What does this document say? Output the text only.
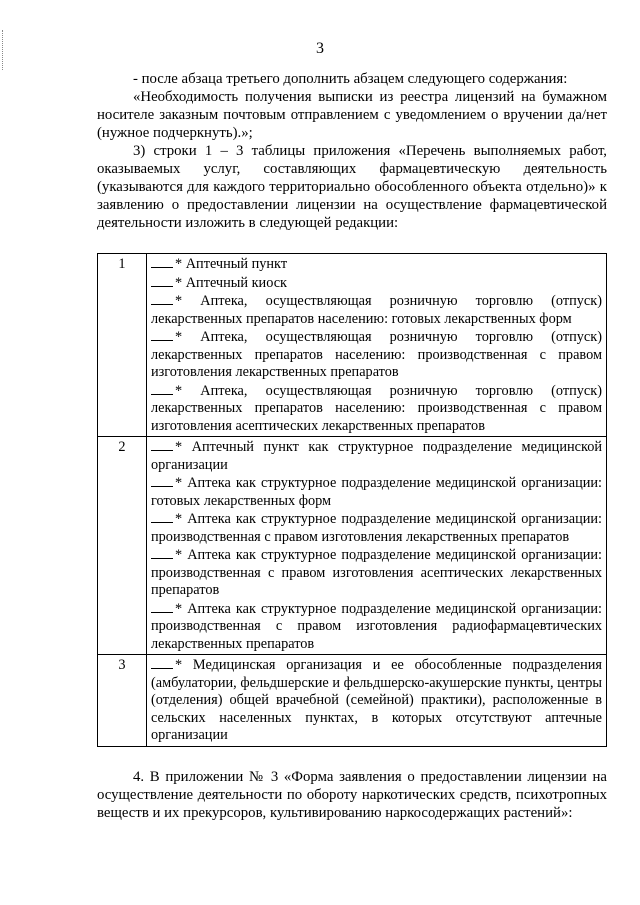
3

- после абзаца третьего дополнить абзацем следующего содержания:

«Необходимость получения выписки из реестра лицензий на бумажном носителе заказным почтовым отправлением с уведомлением о вручении да/нет (нужное подчеркнуть).»;

3) строки 1 – 3 таблицы приложения «Перечень выполняемых работ, оказываемых услуг, составляющих фармацевтическую деятельность (указываются для каждого территориально обособленного объекта отдельно)» к заявлению о предоставлении лицензии на осуществление фармацевтической деятельности изложить в следующей редакции:

1	* Аптечный пункт

* Аптечный киоск

* Аптека, осуществляющая розничную торговлю (отпуск) лекарственных препаратов населению: готовых лекарственных форм

* Аптека, осуществляющая розничную торговлю (отпуск) лекарственных препаратов населению: производственная с правом изготовления лекарственных препаратов

* Аптека, осуществляющая розничную торговлю (отпуск) лекарственных препаратов населению: производственная с правом изготовления асептических лекарственных препаратов

2	* Аптечный пункт как структурное подразделение медицинской организации

* Аптека как структурное подразделение медицинской организации: готовых лекарственных форм

* Аптека как структурное подразделение медицинской организации: производственная с правом изготовления лекарственных препаратов

* Аптека как структурное подразделение медицинской организации: производственная с правом изготовления асептических лекарственных препаратов

* Аптека как структурное подразделение медицинской организации: производственная с правом изготовления радиофармацевтических лекарственных препаратов

3	* Медицинская организация и ее обособленные подразделения (амбулатории, фельдшерские и фельдшерско-акушерские пункты, центры (отделения) общей врачебной (семейной) практики), расположенные в сельских населенных пунктах, в которых отсутствуют аптечные организации

4. В приложении № 3 «Форма заявления о предоставлении лицензии на осуществление деятельности по обороту наркотических средств, психотропных веществ и их прекурсоров, культивированию наркосодержащих растений»:
